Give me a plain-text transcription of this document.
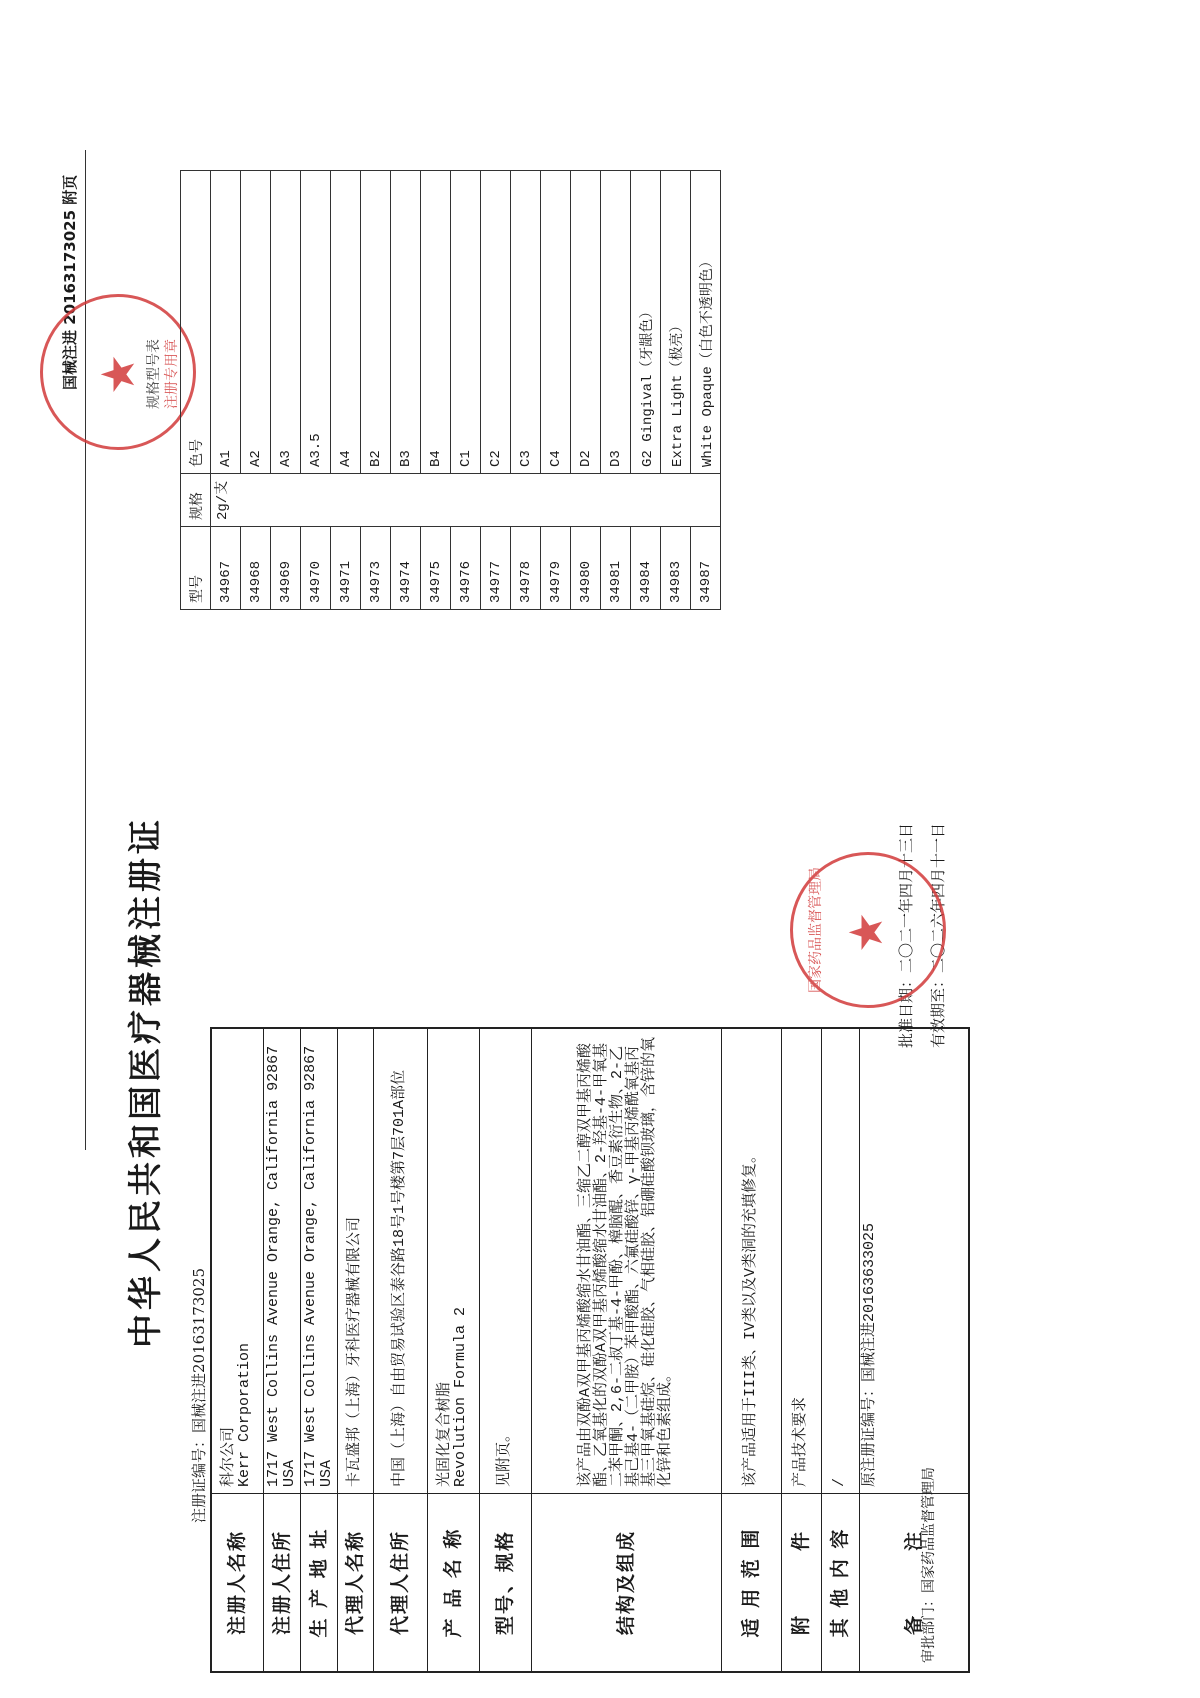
中华人民共和国医疗器械注册证
注册证编号：国械注进20163173025
注册人名称	科尔公司
Kerr Corporation
注册人住所	1717 West Collins Avenue Orange, California 92867 USA
生 产 地 址	1717 West Collins Avenue Orange, California 92867 USA
代理人名称	卡瓦盛邦（上海）牙科医疗器械有限公司
代理人住所	中国（上海）自由贸易试验区泰谷路18号1号楼第7层701A部位
产 品 名 称	光固化复合树脂
Revolution Formula 2
型号、规格	见附页。
结构及组成	该产品由双酚A双甲基丙烯酸缩水甘油酯、三缩乙二醇双甲基丙烯酸酯、乙氧基化的双酚A双甲基丙烯酸缩水甘油酯、2-羟基-4-甲氧基二苯甲酮、2,6-二叔丁基-4-甲酚、樟脑醌、香豆素衍生物、2-乙基己基4-（二甲胺）苯甲酸酯、六氟硅酸锌、γ-甲基丙烯酰氧基丙基三甲氧基硅烷、硅化硅胶、气相硅胶、铝硼硅酸钡玻璃，含锌的氧化锌和色素组成。
适 用 范 围	该产品适用于III类、IV类以及V类洞的充填修复。
附　　　件	产品技术要求
其 他 内 容	/
备　　　注	原注册证编号：国械注进20163633025
审批部门：国家药品监督管理局
批准日期：二〇二一年四月十三日 有效期至：二〇二六年四月十一日
★
国家药品监督管理局
国械注进 20163173025 附页 ★ 规格型号表 注册专用章
型号	规格	色号
34967	2g/支	A1
34968		A2
34969		A3
34970		A3.5
34971		A4
34973		B2
34974		B3
34975		B4
34976		C1
34977		C2
34978		C3
34979		C4
34980		D2
34981		D3
34984		G2 Gingival（牙龈色）
34983		Extra Light（极亮）
34987		White Opaque（白色不透明色）
